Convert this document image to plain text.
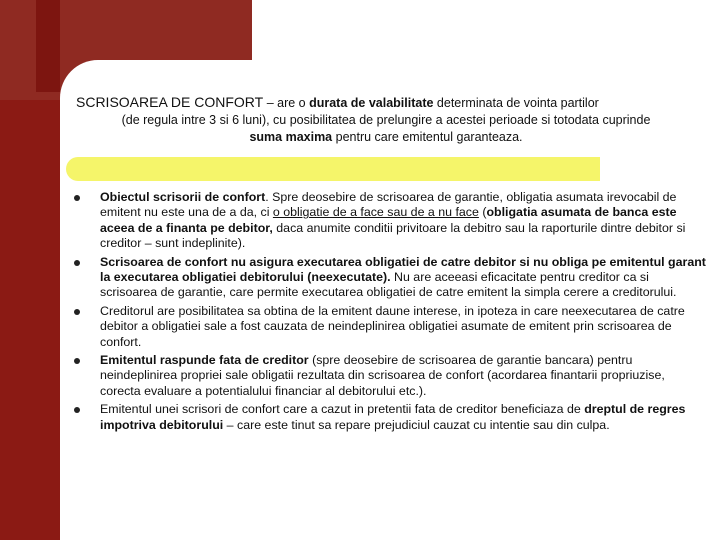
SCRISOAREA DE CONFORT – are o durata de valabilitate determinata de vointa partilor
(de regula intre 3 si 6 luni), cu posibilitatea de prelungire a acestei perioade si totodata cuprinde
suma maxima pentru care emitentul garanteaza.
Obiectul scrisorii de confort. Spre deosebire de scrisoarea de garantie, obligatia asumata irevocabil de emitent nu este una de a da, ci o obligatie de a face sau de a nu face (obligatia asumata de banca este aceea de a finanta pe debitor, daca anumite conditii privitoare la debitro sau la raporturile dintre debitor si creditor – sunt indeplinite).
Scrisoarea de confort nu asigura executarea obligatiei de catre debitor si nu obliga pe emitentul garant la executarea obligatiei debitorului (neexecutate). Nu are aceeasi eficacitate pentru creditor ca si scrisoarea de garantie, care permite executarea obligatiei de catre emitent la simpla cerere a creditorului.
Creditorul are posibilitatea sa obtina de la emitent daune interese, in ipoteza in care neexecutarea de catre debitor a obligatiei sale a fost cauzata de neindeplinirea obligatiei asumate de emitent prin scrisoarea de confort.
Emitentul raspunde fata de creditor (spre deosebire de scrisoarea de garantie bancara) pentru neindeplinirea propriei sale obligatii rezultata din scrisoarea de confort (acordarea finantarii propriuzise, corecta evaluare a potentialului financiar al debitorului etc.).
Emitentul unei scrisori de confort care a cazut in pretentii fata de creditor beneficiaza de dreptul de regres impotriva debitorului – care este tinut sa repare prejudiciul cauzat cu intentie sau din culpa.
